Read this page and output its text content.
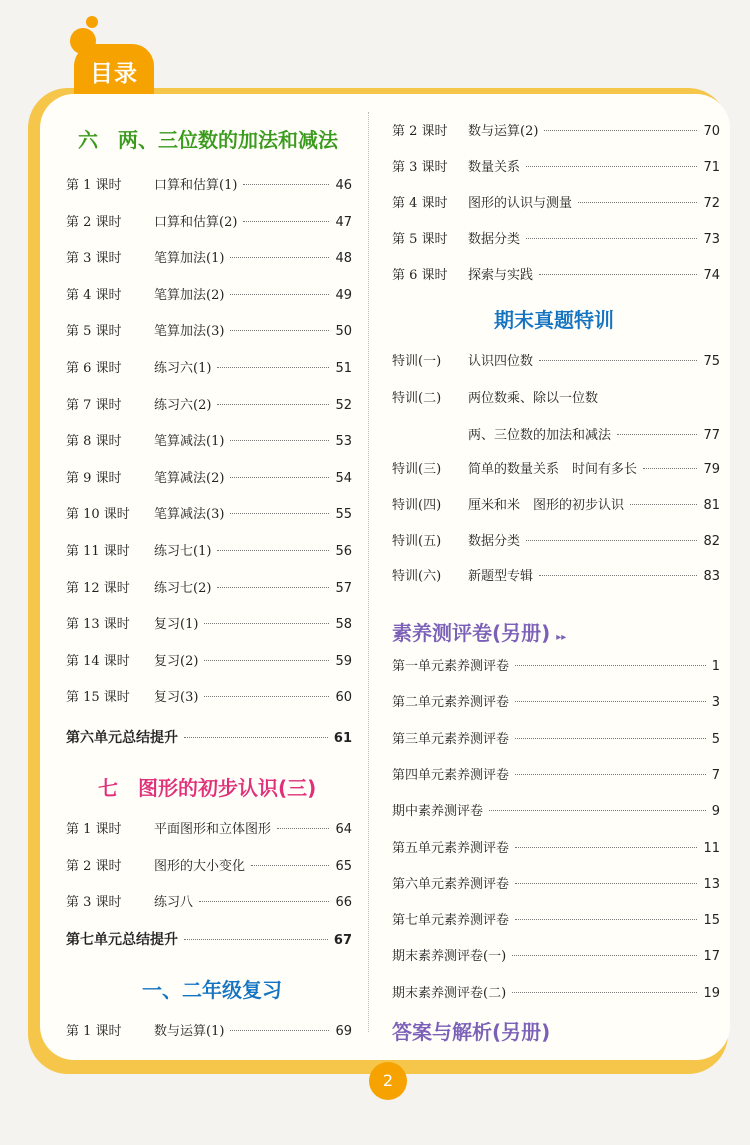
目录
六　两、三位数的加法和减法
第 1 课时	口算和估算(1)	46
第 2 课时	口算和估算(2)	47
第 3 课时	笔算加法(1)	48
第 4 课时	笔算加法(2)	49
第 5 课时	笔算加法(3)	50
第 6 课时	练习六(1)	51
第 7 课时	练习六(2)	52
第 8 课时	笔算减法(1)	53
第 9 课时	笔算减法(2)	54
第 10 课时	笔算减法(3)	55
第 11 课时	练习七(1)	56
第 12 课时	练习七(2)	57
第 13 课时	复习(1)	58
第 14 课时	复习(2)	59
第 15 课时	复习(3)	60
第六单元总结提升	61
第 1 课时	平面图形和立体图形	64
第 2 课时	图形的大小变化	65
第 3 课时	练习八	66
第七单元总结提升	67
第 1 课时	数与运算(1)	69
七　图形的初步认识(三)
一、二年级复习
第 2 课时	数与运算(2)	70
第 3 课时	数量关系	71
第 4 课时	图形的认识与测量	72
第 5 课时	数据分类	73
第 6 课时	探索与实践	74
特训(一)	认识四位数	75
特训(二)	两位数乘、除以一位数
两、三位数的加法和减法	77
特训(三)	简单的数量关系　时间有多长	79
特训(四)	厘米和米　图形的初步认识	81
特训(五)	数据分类	82
特训(六)	新题型专辑	83
第一单元素养测评卷	1
第二单元素养测评卷	3
第三单元素养测评卷	5
第四单元素养测评卷	7
期中素养测评卷	9
第五单元素养测评卷	11
第六单元素养测评卷	13
第七单元素养测评卷	15
期末素养测评卷(一)	17
期末素养测评卷(二)	19
期末真题特训
素养测评卷(另册) ▸▸
答案与解析(另册)
2
